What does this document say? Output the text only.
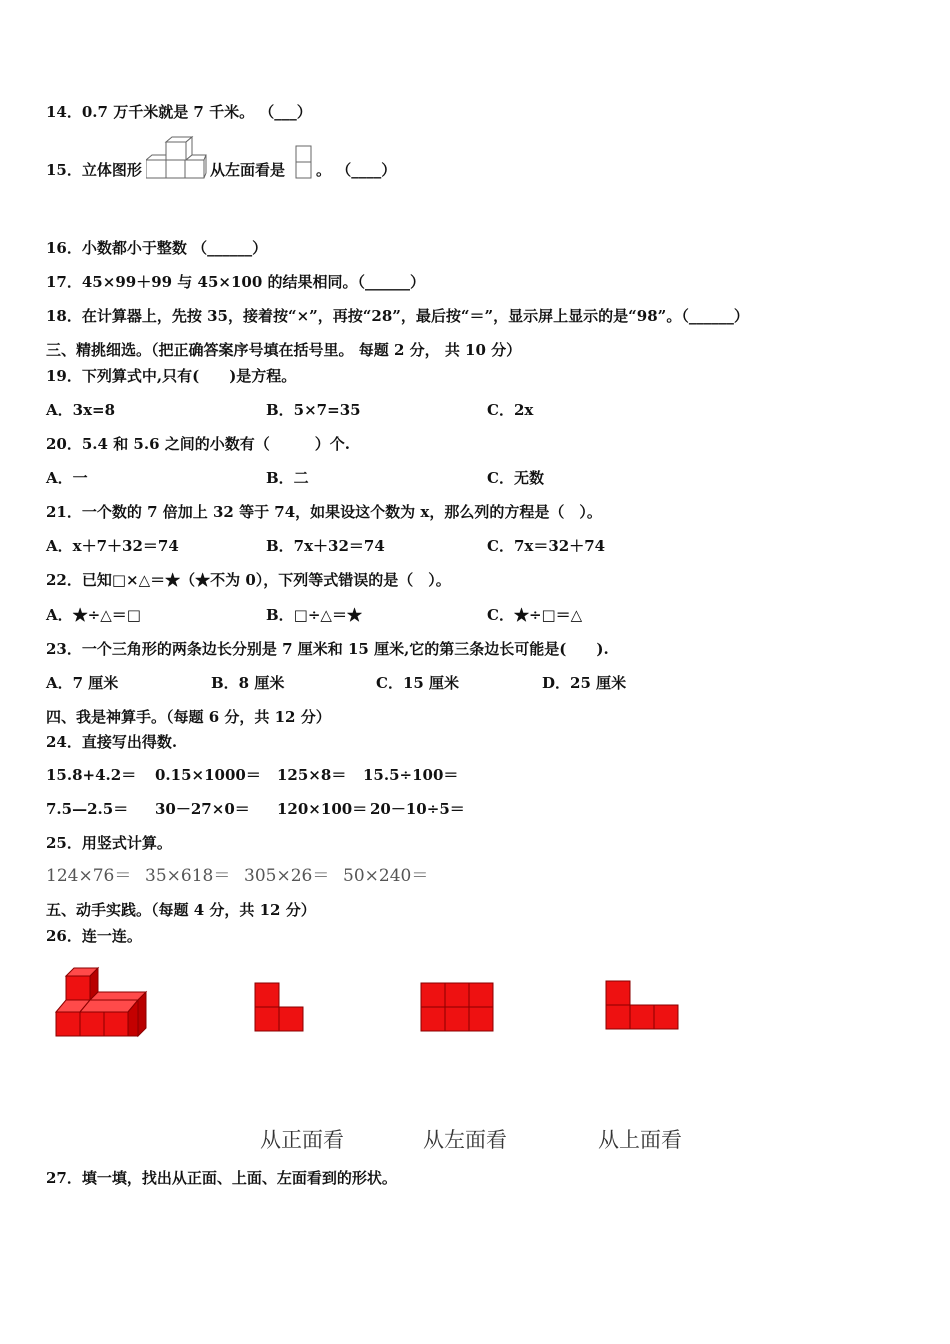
14．0.7 万千米就是 7 千米。 （___）
15．立体图形	从左面看是 。 （____）
16．小数都小于整数 （______）
17．45×99＋99 与 45×100 的结果相同。（______）
18．在计算器上，先按 35，接着按“×”，再按“28”，最后按“＝”，显示屏上显示的是“98”。（______）
三、精挑细选。（把正确答案序号填在括号里。 每题 2 分， 共 10 分）
19．下列算式中,只有(　　)是方程。
A．3x=8	B．5×7=35	C．2x
20．5.4 和 5.6 之间的小数有（　　　）个.
A．一	B．二	C．无数
21．一个数的 7 倍加上 32 等于 74，如果设这个数为 x，那么列的方程是（　）。
A．x＋7＋32＝74	B．7x＋32＝74	C．7x＝32＋74
22．已知□×△＝★（★不为 0），下列等式错误的是（　）。
A．★÷△＝□	B．□÷△＝★	C．★÷□＝△
23．一个三角形的两条边长分别是 7 厘米和 15 厘米,它的第三条边长可能是(　　).
A．7 厘米	B．8 厘米	C．15 厘米	D．25 厘米
四、我是神算手。（每题 6 分，共 12 分）
24．直接写出得数.
15.8+4.2＝ 0.15×1000＝ 125×8＝ 15.5÷100＝
7.5—2.5＝ 30－27×0＝ 120×100＝ 20－10÷5＝
25．用竖式计算。
124×76＝ 35×618＝ 305×26＝ 50×240＝
五、动手实践。（每题 4 分，共 12 分）
26．连一连。
从正面看	从左面看	从上面看
27．填一填，找出从正面、上面、左面看到的形状。
